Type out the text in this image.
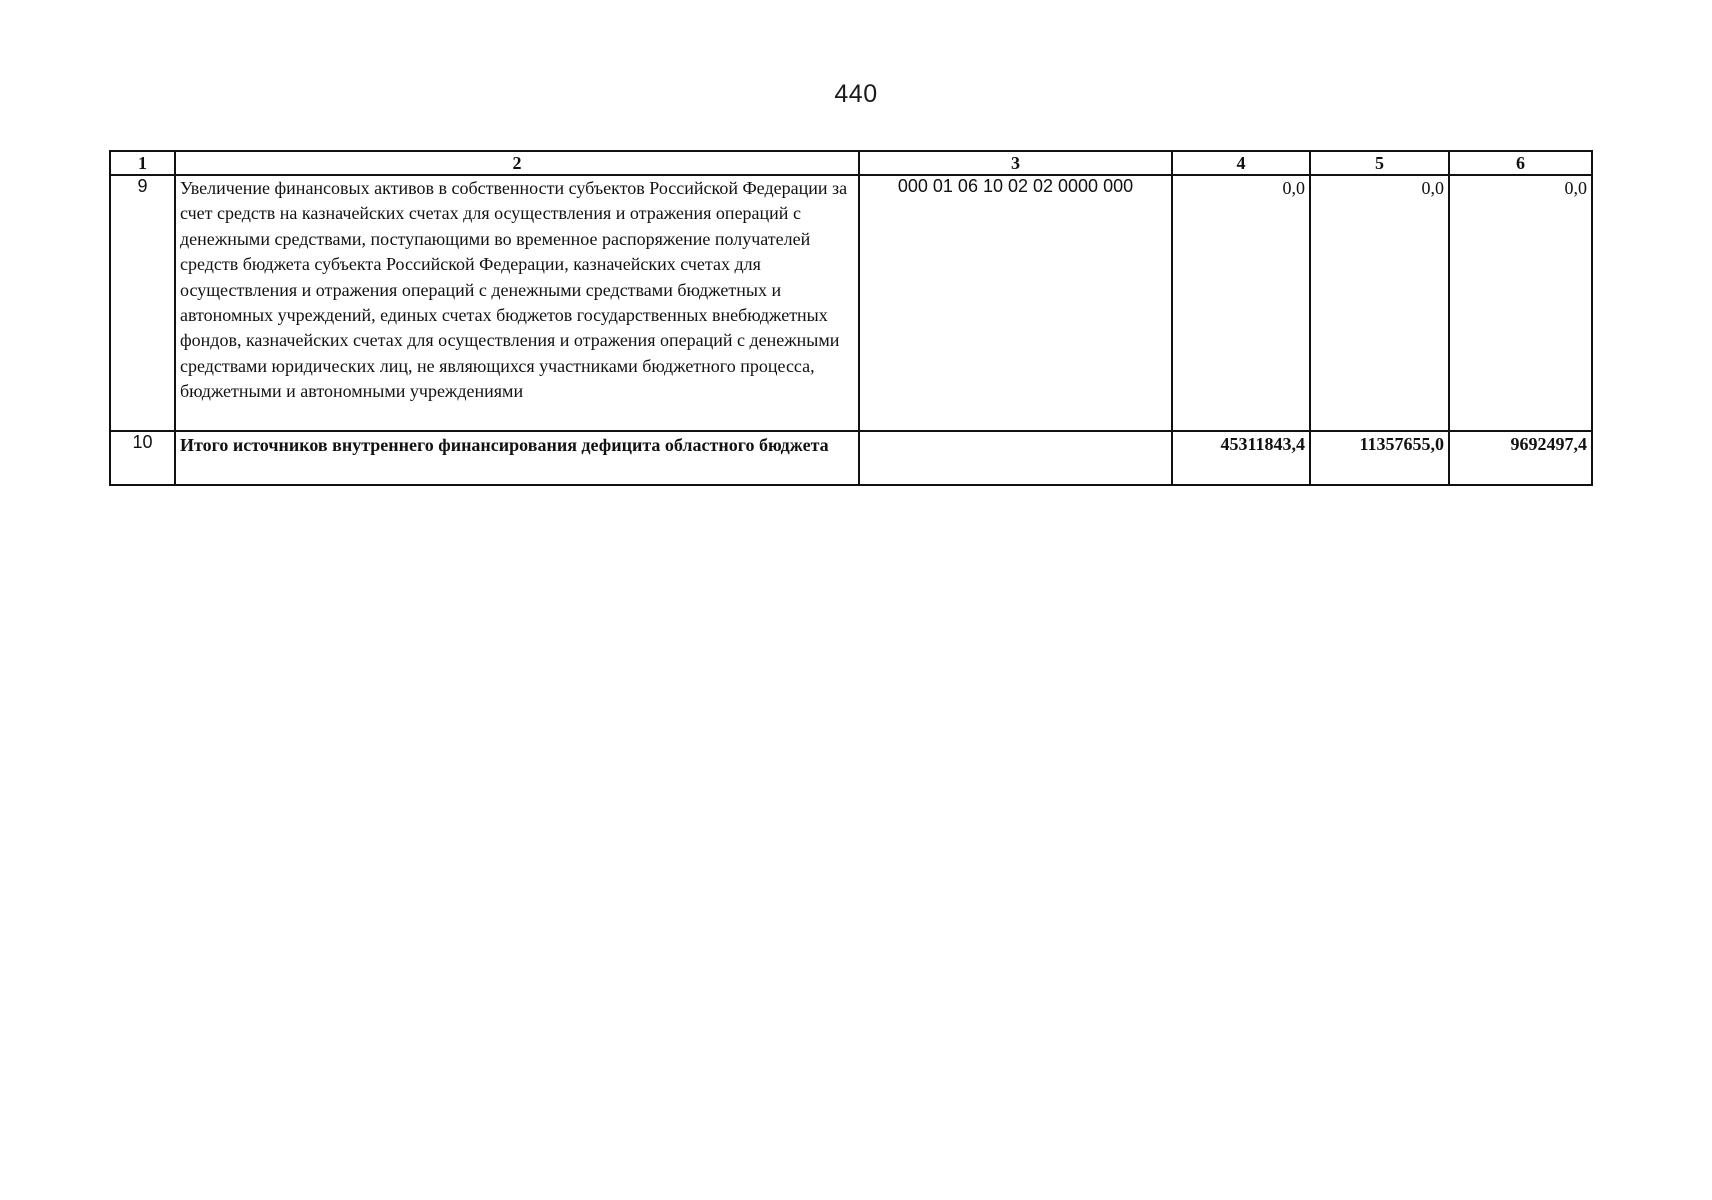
440
1	2	3	4	5	6
9	Увеличение финансовых активов в собственности субъектов Российской Федерации за счет средств на казначейских счетах для осуществления и отражения операций с денежными средствами, поступающими во временное распоряжение получателей средств бюджета субъекта Российской Федерации, казначейских счетах для осуществления и отражения операций с денежными средствами бюджетных и автономных учреждений, единых счетах бюджетов государственных внебюджетных фондов, казначейских счетах для осуществления и отражения операций с денежными средствами юридических лиц, не являющихся участниками бюджетного процесса, бюджетными и автономными учреждениями	000 01 06 10 02 02 0000 000	0,0	0,0	0,0
10	Итого источников внутреннего финансирования дефицита областного бюджета		45311843,4	11357655,0	9692497,4
